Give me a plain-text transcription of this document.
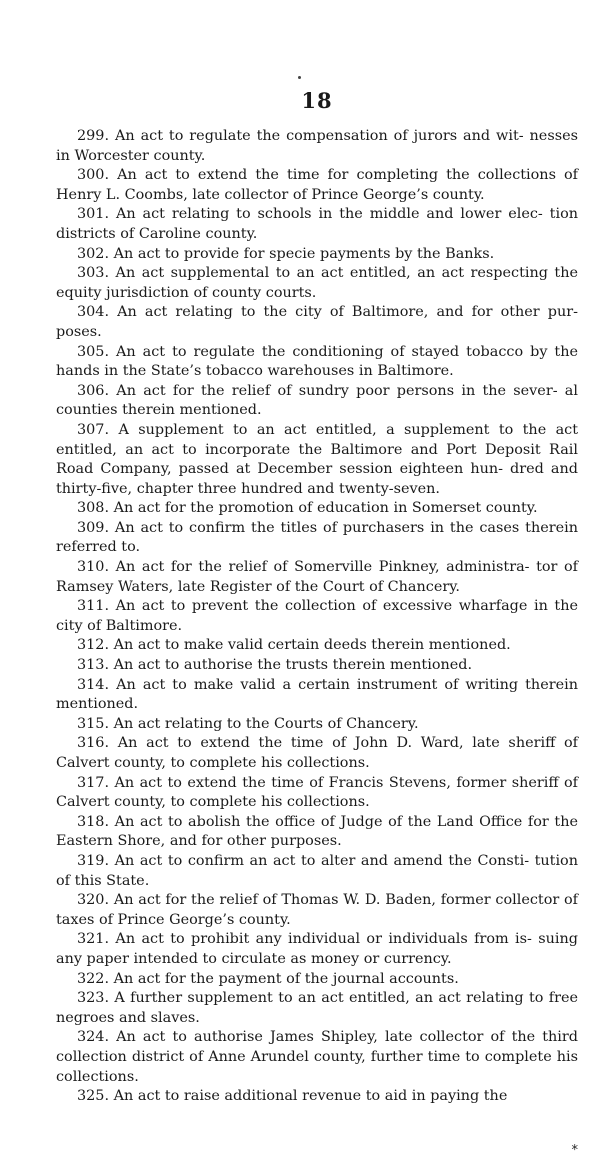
18

299. An act to regulate the compensation of jurors and wit- nesses in Worcester county.

300. An act to extend the time for completing the collections of Henry L. Coombs, late collector of Prince George’s county.

301. An act relating to schools in the middle and lower elec- tion districts of Caroline county.

302. An act to provide for specie payments by the Banks.

303. An act supplemental to an act entitled, an act respecting the equity jurisdiction of county courts.

304. An act relating to the city of Baltimore, and for other pur- poses.

305. An act to regulate the conditioning of stayed tobacco by the hands in the State’s tobacco warehouses in Baltimore.

306. An act for the relief of sundry poor persons in the sever- al counties therein mentioned.

307. A supplement to an act entitled, a supplement to the act entitled, an act to incorporate the Baltimore and Port Deposit Rail Road Company, passed at December session eighteen hun- dred and thirty-five, chapter three hundred and twenty-seven.

308. An act for the promotion of education in Somerset county.

309. An act to confirm the titles of purchasers in the cases therein referred to.

310. An act for the relief of Somerville Pinkney, administra- tor of Ramsey Waters, late Register of the Court of Chancery.

311. An act to prevent the collection of excessive wharfage in the city of Baltimore.

312. An act to make valid certain deeds therein mentioned.

313. An act to authorise the trusts therein mentioned.

314. An act to make valid a certain instrument of writing therein mentioned.

315. An act relating to the Courts of Chancery.

316. An act to extend the time of John D. Ward, late sheriff of Calvert county, to complete his collections.

317. An act to extend the time of Francis Stevens, former sheriff of Calvert county, to complete his collections.

318. An act to abolish the office of Judge of the Land Office for the Eastern Shore, and for other purposes.

319. An act to confirm an act to alter and amend the Consti- tution of this State.

320. An act for the relief of Thomas W. D. Baden, former collector of taxes of Prince George’s county.

321. An act to prohibit any individual or individuals from is- suing any paper intended to circulate as money or currency.

322. An act for the payment of the journal accounts.

323. A further supplement to an act entitled, an act relating to free negroes and slaves.

324. An act to authorise James Shipley, late collector of the third collection district of Anne Arundel county, further time to complete his collections.

325. An act to raise additional revenue to aid in paying the

*
